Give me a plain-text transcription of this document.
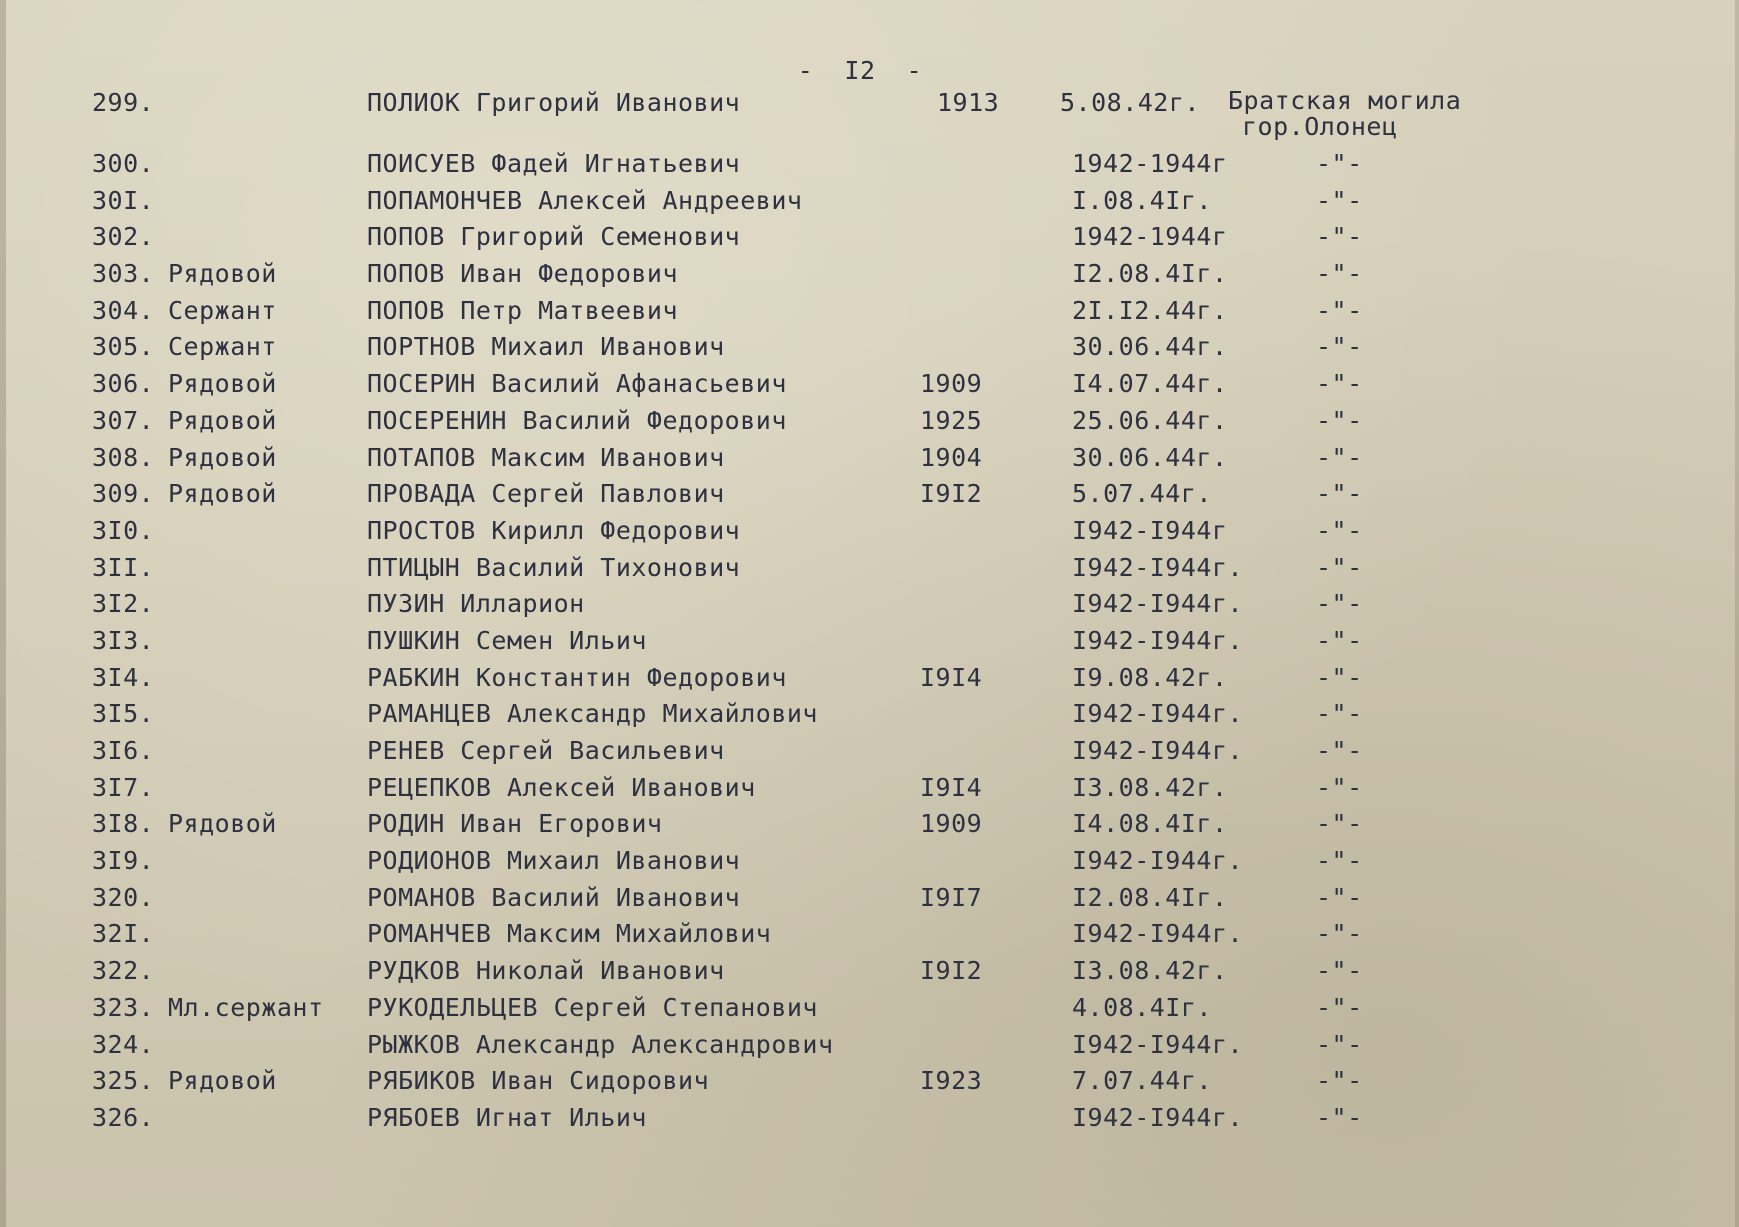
-  I2  -
299.	ПОЛИОК Григорий Иванович	1913 5.08.42г. Братская могила
гор.Олонец
300.	ПОИСУЕВ Фадей Игнатьевич	1942-1944г	-"-
30I.	ПОПАМОНЧЕВ Алексей Андреевич	I.08.4Iг.	-"-
302.	ПОПОВ Григорий Семенович	1942-1944г	-"-
303. Рядовой	ПОПОВ Иван Федорович	I2.08.4Iг.	-"-
304. Сержант	ПОПОВ Петр Матвеевич	2I.I2.44г.	-"-
305. Сержант	ПОРТНОВ Михаил Иванович	30.06.44г.	-"-
306. Рядовой	ПОСЕРИН Василий Афанасьевич	1909	I4.07.44г.	-"-
307. Рядовой	ПОСЕРЕНИН Василий Федорович	1925	25.06.44г.	-"-
308. Рядовой	ПОТАПОВ Максим Иванович	1904	30.06.44г.	-"-
309. Рядовой	ПРОВАДА Сергей Павлович	I9I2	5.07.44г.	-"-
3I0.	ПРОСТОВ Кирилл Федорович	I942-I944г	-"-
3II.	ПТИЦЫН Василий Тихонович	I942-I944г.	-"-
3I2.	ПУЗИН Илларион	I942-I944г.	-"-
3I3.	ПУШКИН Семен Ильич	I942-I944г.	-"-
3I4.	РАБКИН Константин Федорович	I9I4	I9.08.42г.	-"-
3I5.	РАМАНЦЕВ Александр Михайлович	I942-I944г.	-"-
3I6.	РЕНЕВ Сергей Васильевич	I942-I944г.	-"-
3I7.	РЕЦЕПКОВ Алексей Иванович	I9I4	I3.08.42г.	-"-
3I8. Рядовой	РОДИН Иван Егорович	1909	I4.08.4Iг.	-"-
3I9.	РОДИОНОВ Михаил Иванович	I942-I944г.	-"-
320.	РОМАНОВ Василий Иванович	I9I7	I2.08.4Iг.	-"-
32I.	РОМАНЧЕВ Максим Михайлович	I942-I944г.	-"-
322.	РУДКОВ Николай Иванович	I9I2	I3.08.42г.	-"-
323. Мл.сержант РУКОДЕЛЬЦЕВ Сергей Степанович	4.08.4Iг.	-"-
324.	РЫЖКОВ Александр Александрович	I942-I944г.	-"-
325. Рядовой	РЯБИКОВ Иван Сидорович	I923	7.07.44г.	-"-
326.	РЯБОЕВ Игнат Ильич	I942-I944г.	-"-
